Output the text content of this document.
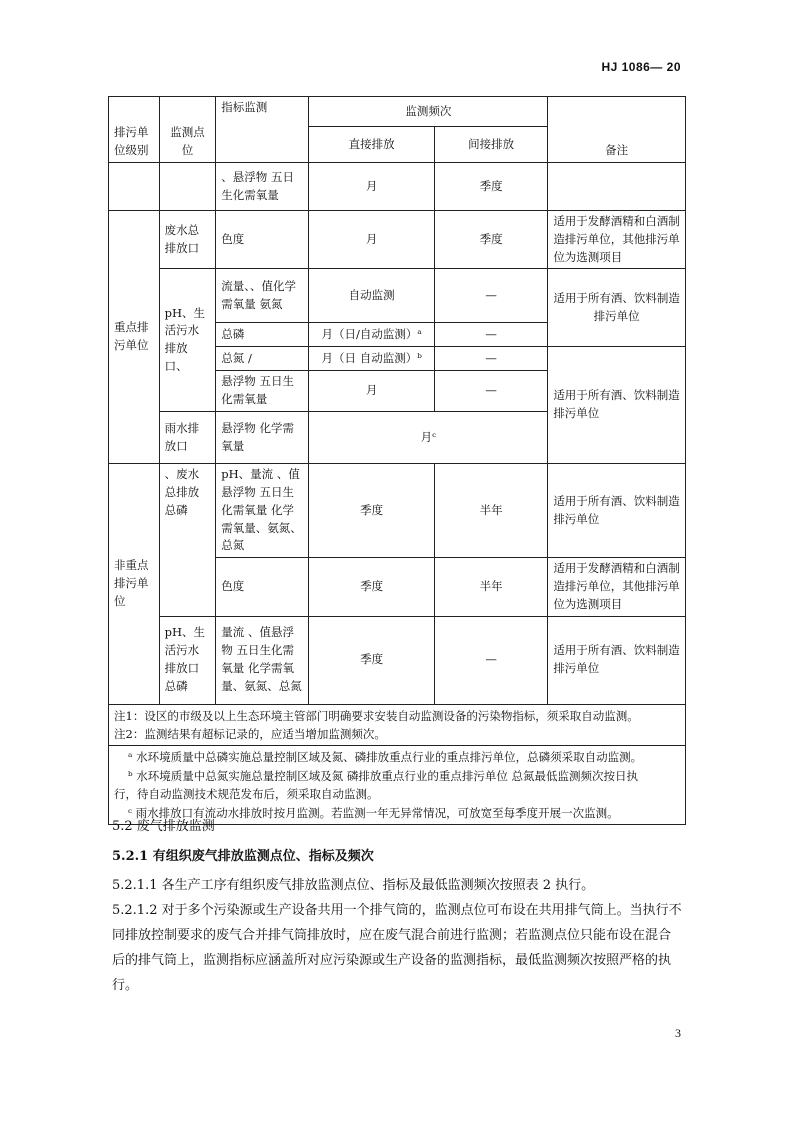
HJ 1086— 20
排污单位级别	监测点位	指标监测	监测频次		备注
			直接排放	间接排放	
		、悬浮物 五日生化需氧量	月	季度	
重点排污单位	废水总排放口	色度	月	季度	适用于发酵酒精和白酒制造排污单位，其他排污单位为选测项目
	pH、生活污水排放口、	流量、、值化学需氧量 氨氮	自动监测	—	适用于所有酒、饮料制造排污单位
		总磷	月（日/自动监测）ᵃ	—	
		总氮 /	月（日 自动监测）ᵇ	—	适用于所有酒、饮料制造排污单位
		悬浮物 五日生化需氧量	月	—	
	雨水排放口	悬浮物 化学需氧量	月ᶜ		
非重点排污单位	、废水总排放总磷	pH、量流 、值悬浮物 五日生化需氧量 化学需氧量、氨氮、总氮	季度	半年	适用于所有酒、饮料制造排污单位
		色度	季度	半年	适用于发酵酒精和白酒制造排污单位，其他排污单位为选测项目
	pH、生活污水排放口 总磷	量流 、值悬浮物 五日生化需氧量 化学需氧量、氨氮、总氮	季度	—	适用于所有酒、饮料制造排污单位

注1：设区的市级及以上生态环境主管部门明确要求安装自动监测设备的污染物指标，须采取自动监测。
注2：监测结果有超标记录的，应适当增加监测频次。					

ᵃ 水环境质量中总磷实施总量控制区域及氮、磷排放重点行业的重点排污单位，总磷须采取自动监测。
ᵇ 水环境质量中总氮实施总量控制区域及氮 磷排放重点行业的重点排污单位 总氮最低监测频次按日执
行，待自动监测技术规范发布后，须采取自动监测。
ᶜ 雨水排放口有流动水排放时按月监测。若监测一年无异常情况，可放宽至每季度开展一次监测。					
5.2 废气排放监测
5.2.1 有组织废气排放监测点位、指标及频次
5.2.1.1 各生产工序有组织废气排放监测点位、指标及最低监测频次按照表 2 执行。
5.2.1.2 对于多个污染源或生产设备共用一个排气筒的，监测点位可布设在共用排气筒上。当执行不同排放控制要求的废气合并排气筒排放时，应在废气混合前进行监测；若监测点位只能布设在混合后的排气筒上，监测指标应涵盖所对应污染源或生产设备的监测指标，最低监测频次按照严格的执行。
3
